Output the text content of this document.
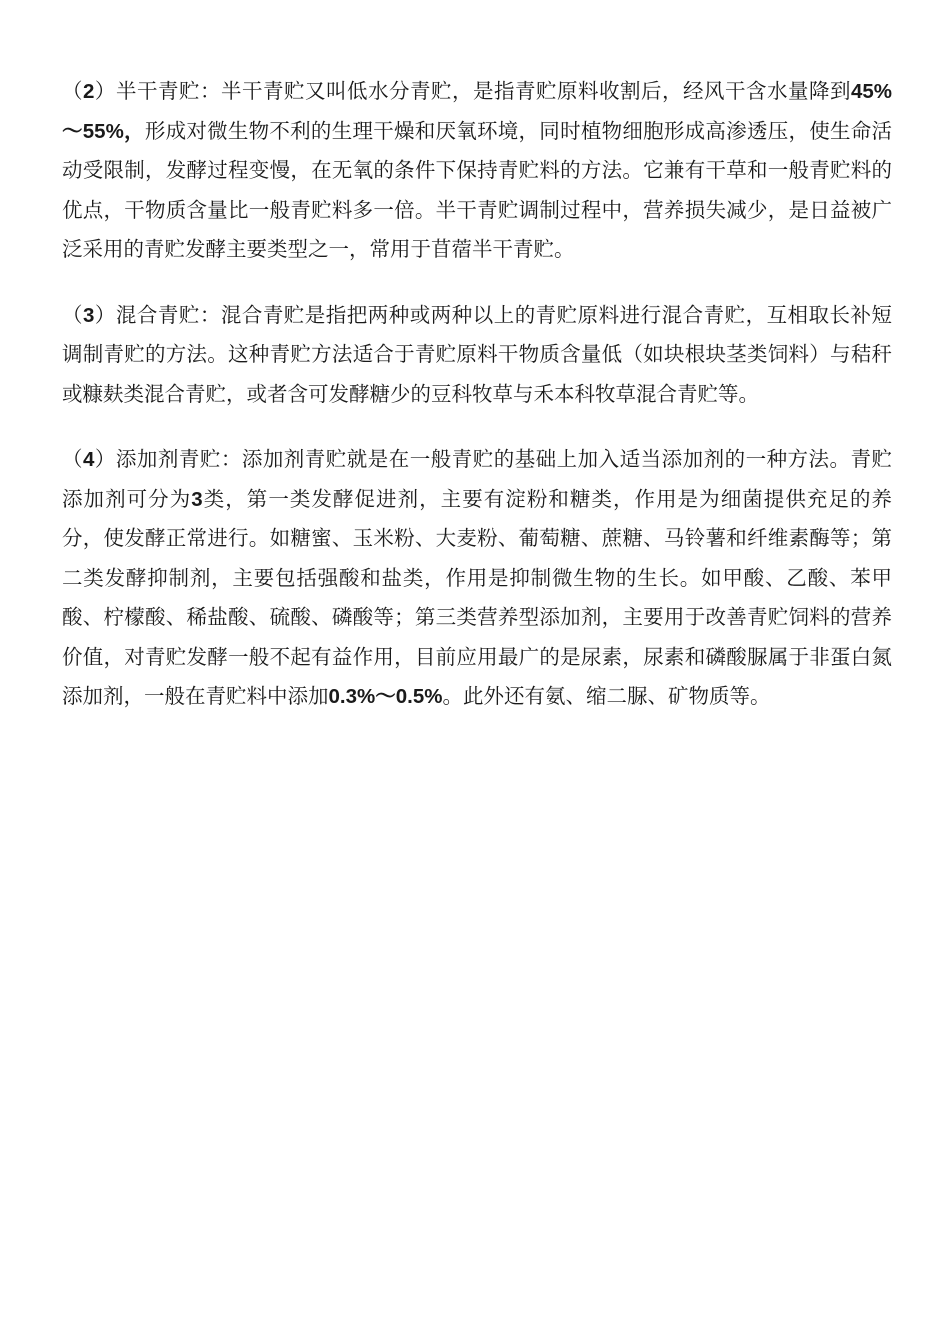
（2）半干青贮：半干青贮又叫低水分青贮，是指青贮原料收割后，经风干含水量降到45%～55%，形成对微生物不利的生理干燥和厌氧环境，同时植物细胞形成高渗透压，使生命活动受限制，发酵过程变慢，在无氧的条件下保持青贮料的方法。它兼有干草和一般青贮料的优点，干物质含量比一般青贮料多一倍。半干青贮调制过程中，营养损失减少，是日益被广泛采用的青贮发酵主要类型之一，常用于苜蓿半干青贮。

（3）混合青贮：混合青贮是指把两种或两种以上的青贮原料进行混合青贮，互相取长补短调制青贮的方法。这种青贮方法适合于青贮原料干物质含量低（如块根块茎类饲料）与秸秆或糠麸类混合青贮，或者含可发酵糖少的豆科牧草与禾本科牧草混合青贮等。

（4）添加剂青贮：添加剂青贮就是在一般青贮的基础上加入适当添加剂的一种方法。青贮添加剂可分为3类，第一类发酵促进剂，主要有淀粉和糖类，作用是为细菌提供充足的养分，使发酵正常进行。如糖蜜、玉米粉、大麦粉、葡萄糖、蔗糖、马铃薯和纤维素酶等；第二类发酵抑制剂，主要包括强酸和盐类，作用是抑制微生物的生长。如甲酸、乙酸、苯甲酸、柠檬酸、稀盐酸、硫酸、磷酸等；第三类营养型添加剂，主要用于改善青贮饲料的营养价值，对青贮发酵一般不起有益作用，目前应用最广的是尿素，尿素和磷酸脲属于非蛋白氮添加剂，一般在青贮料中添加0.3%～0.5%。此外还有氨、缩二脲、矿物质等。
